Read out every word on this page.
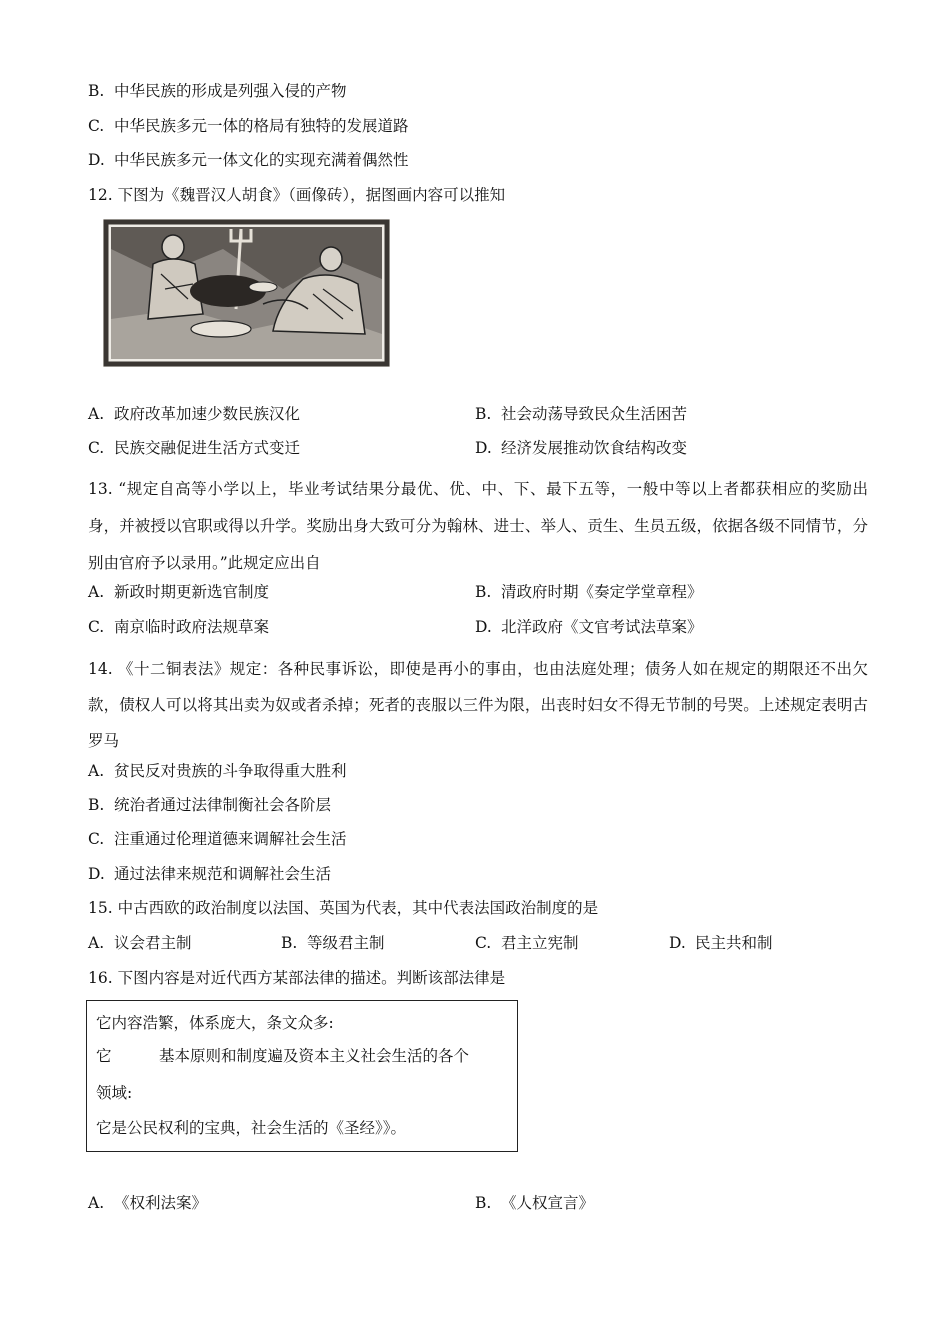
B. 中华民族的形成是列强入侵的产物
C. 中华民族多元一体的格局有独特的发展道路
D. 中华民族多元一体文化的实现充满着偶然性
12. 下图为《魏晋汉人胡食》（画像砖），据图画内容可以推知
A. 政府改革加速少数民族汉化	B. 社会动荡导致民众生活困苦
C. 民族交融促进生活方式变迁	D. 经济发展推动饮食结构改变
13. “规定自高等小学以上，毕业考试结果分最优、优、中、下、最下五等，一般中等以上者都获相应的奖励出身，并被授以官职或得以升学。奖励出身大致可分为翰林、进士、举人、贡生、生员五级，依据各级不同情节，分别由官府予以录用。”此规定应出自
A. 新政时期更新选官制度	B. 清政府时期《奏定学堂章程》
C. 南京临时政府法规草案	D. 北洋政府《文官考试法草案》
14. 《十二铜表法》规定：各种民事诉讼，即使是再小的事由，也由法庭处理；债务人如在规定的期限还不出欠款，债权人可以将其出卖为奴或者杀掉；死者的丧服以三件为限，出丧时妇女不得无节制的号哭。上述规定表明古罗马
A. 贫民反对贵族的斗争取得重大胜利
B. 统治者通过法律制衡社会各阶层
C. 注重通过伦理道德来调解社会生活
D. 通过法律来规范和调解社会生活
15. 中古西欧的政治制度以法国、英国为代表，其中代表法国政治制度的是
A. 议会君主制	B. 等级君主制	C. 君主立宪制	D. 民主共和制
16. 下图内容是对近代西方某部法律的描述。判断该部法律是
它内容浩繁，体系庞大，条文众多:
它	基本原则和制度遍及资本主义社会生活的各个
领域:
它是公民权利的宝典，社会生活的《圣经》》。
A. 《权利法案》	B. 《人权宣言》
